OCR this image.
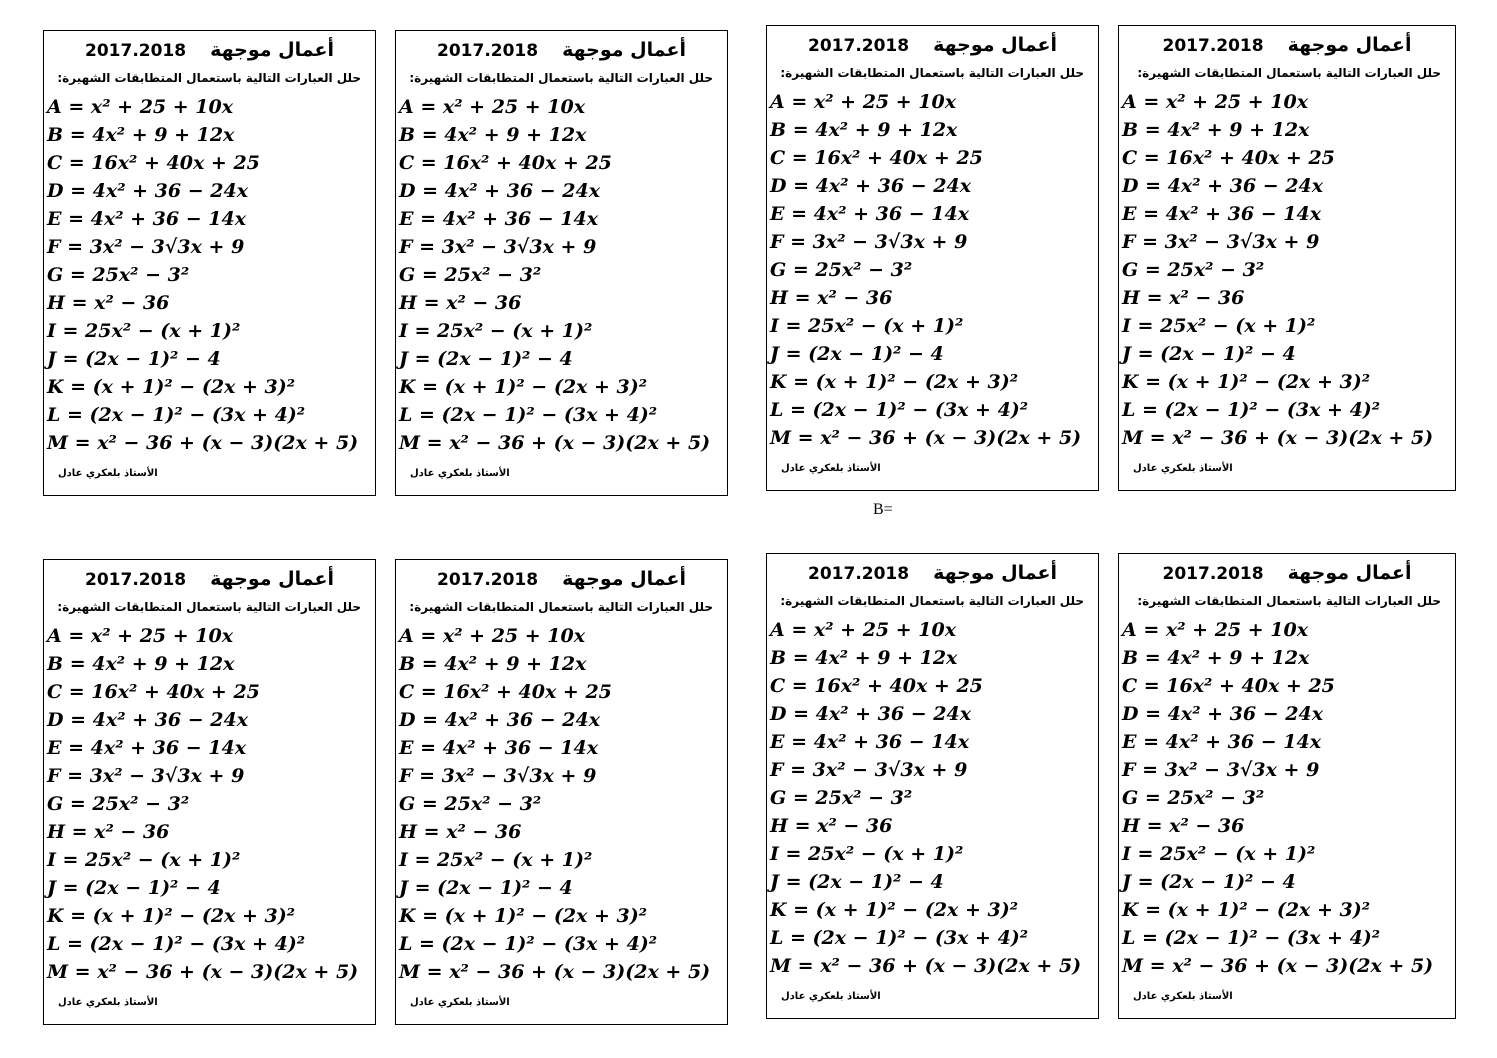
2017.2018 أعمال موجهة
حلل العبارات التالية باستعمال المتطابقات الشهيرة:
A = x² + 25 + 10x
B = 4x² + 9 + 12x
C = 16x² + 40x + 25
D = 4x² + 36 − 24x
E = 4x² + 36 − 14x
F = 3x² − 3√3x + 9
G = 25x² − 3²
H = x² − 36
I = 25x² − (x + 1)²
J = (2x − 1)² − 4
K = (x + 1)² − (2x + 3)²
L = (2x − 1)² − (3x + 4)²
M = x² − 36 + (x − 3)(2x + 5)
الأستاذ بلعكري عادل
2017.2018 أعمال موجهة
حلل العبارات التالية باستعمال المتطابقات الشهيرة:
A = x² + 25 + 10x
B = 4x² + 9 + 12x
C = 16x² + 40x + 25
D = 4x² + 36 − 24x
E = 4x² + 36 − 14x
F = 3x² − 3√3x + 9
G = 25x² − 3²
H = x² − 36
I = 25x² − (x + 1)²
J = (2x − 1)² − 4
K = (x + 1)² − (2x + 3)²
L = (2x − 1)² − (3x + 4)²
M = x² − 36 + (x − 3)(2x + 5)
الأستاذ بلعكري عادل
2017.2018 أعمال موجهة
حلل العبارات التالية باستعمال المتطابقات الشهيرة:
A = x² + 25 + 10x
B = 4x² + 9 + 12x
C = 16x² + 40x + 25
D = 4x² + 36 − 24x
E = 4x² + 36 − 14x
F = 3x² − 3√3x + 9
G = 25x² − 3²
H = x² − 36
I = 25x² − (x + 1)²
J = (2x − 1)² − 4
K = (x + 1)² − (2x + 3)²
L = (2x − 1)² − (3x + 4)²
M = x² − 36 + (x − 3)(2x + 5)
الأستاذ بلعكري عادل
2017.2018 أعمال موجهة
حلل العبارات التالية باستعمال المتطابقات الشهيرة:
A = x² + 25 + 10x
B = 4x² + 9 + 12x
C = 16x² + 40x + 25
D = 4x² + 36 − 24x
E = 4x² + 36 − 14x
F = 3x² − 3√3x + 9
G = 25x² − 3²
H = x² − 36
I = 25x² − (x + 1)²
J = (2x − 1)² − 4
K = (x + 1)² − (2x + 3)²
L = (2x − 1)² − (3x + 4)²
M = x² − 36 + (x − 3)(2x + 5)
الأستاذ بلعكري عادل
2017.2018 أعمال موجهة
حلل العبارات التالية باستعمال المتطابقات الشهيرة:
A = x² + 25 + 10x
B = 4x² + 9 + 12x
C = 16x² + 40x + 25
D = 4x² + 36 − 24x
E = 4x² + 36 − 14x
F = 3x² − 3√3x + 9
G = 25x² − 3²
H = x² − 36
I = 25x² − (x + 1)²
J = (2x − 1)² − 4
K = (x + 1)² − (2x + 3)²
L = (2x − 1)² − (3x + 4)²
M = x² − 36 + (x − 3)(2x + 5)
الأستاذ بلعكري عادل
2017.2018 أعمال موجهة
حلل العبارات التالية باستعمال المتطابقات الشهيرة:
A = x² + 25 + 10x
B = 4x² + 9 + 12x
C = 16x² + 40x + 25
D = 4x² + 36 − 24x
E = 4x² + 36 − 14x
F = 3x² − 3√3x + 9
G = 25x² − 3²
H = x² − 36
I = 25x² − (x + 1)²
J = (2x − 1)² − 4
K = (x + 1)² − (2x + 3)²
L = (2x − 1)² − (3x + 4)²
M = x² − 36 + (x − 3)(2x + 5)
الأستاذ بلعكري عادل
2017.2018 أعمال موجهة
حلل العبارات التالية باستعمال المتطابقات الشهيرة:
A = x² + 25 + 10x
B = 4x² + 9 + 12x
C = 16x² + 40x + 25
D = 4x² + 36 − 24x
E = 4x² + 36 − 14x
F = 3x² − 3√3x + 9
G = 25x² − 3²
H = x² − 36
I = 25x² − (x + 1)²
J = (2x − 1)² − 4
K = (x + 1)² − (2x + 3)²
L = (2x − 1)² − (3x + 4)²
M = x² − 36 + (x − 3)(2x + 5)
الأستاذ بلعكري عادل
2017.2018 أعمال موجهة
حلل العبارات التالية باستعمال المتطابقات الشهيرة:
A = x² + 25 + 10x
B = 4x² + 9 + 12x
C = 16x² + 40x + 25
D = 4x² + 36 − 24x
E = 4x² + 36 − 14x
F = 3x² − 3√3x + 9
G = 25x² − 3²
H = x² − 36
I = 25x² − (x + 1)²
J = (2x − 1)² − 4
K = (x + 1)² − (2x + 3)²
L = (2x − 1)² − (3x + 4)²
M = x² − 36 + (x − 3)(2x + 5)
الأستاذ بلعكري عادل
B=
